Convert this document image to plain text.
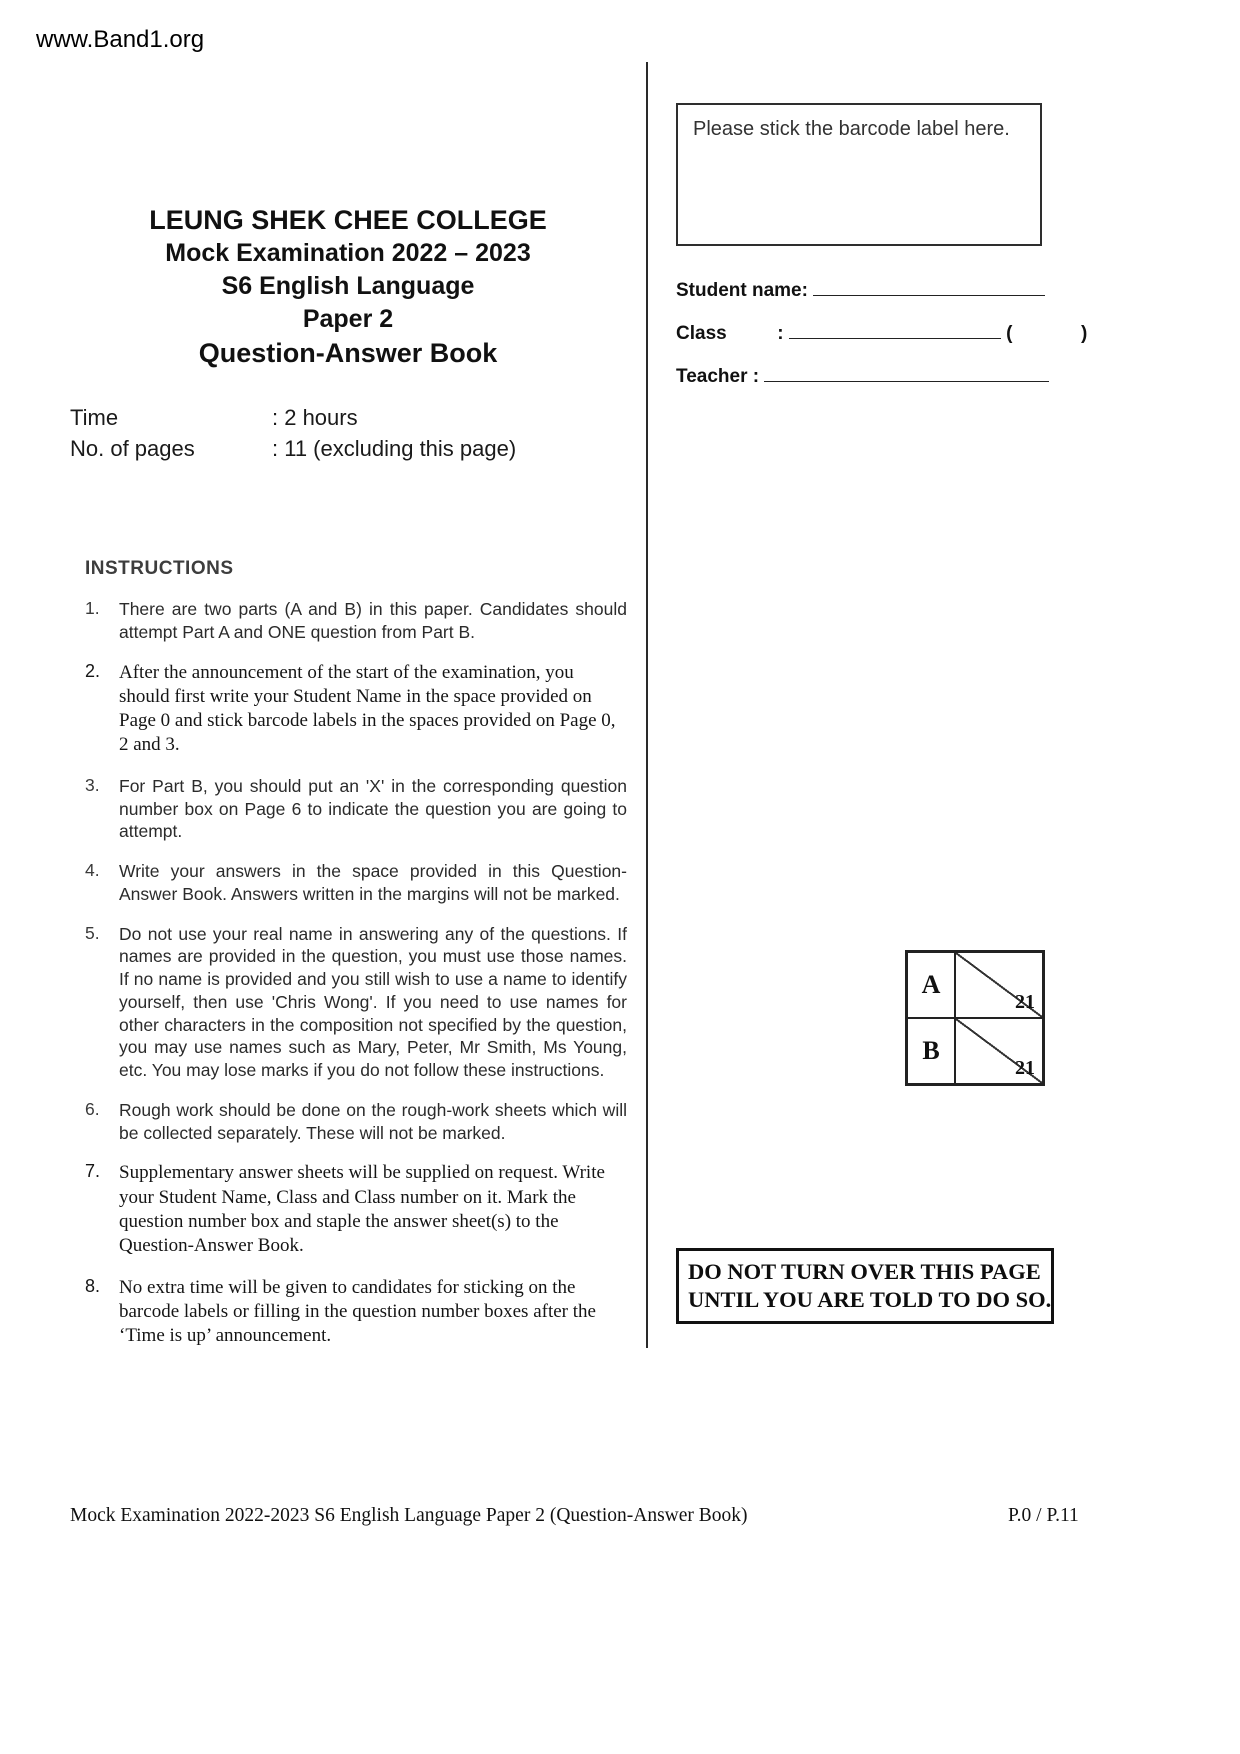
www.Band1.org
LEUNG SHEK CHEE COLLEGE
Mock Examination 2022 – 2023
S6 English Language
Paper 2
Question-Answer Book
Time	: 2 hours
No. of pages	: 11 (excluding this page)
INSTRUCTIONS
1.	There are two parts (A and B) in this paper. Candidates should attempt Part A and ONE question from Part B.
2. After the announcement of the start of the examination, you should first write your Student Name in the space provided on Page 0 and stick barcode labels in the spaces provided on Page 0, 2 and 3.
3.	For Part B, you should put an 'X' in the corresponding question number box on Page 6 to indicate the question you are going to attempt.
4.	Write your answers in the space provided in this Question-Answer Book. Answers written in the margins will not be marked.
5.	Do not use your real name in answering any of the questions. If names are provided in the question, you must use those names. If no name is provided and you still wish to use a name to identify yourself, then use 'Chris Wong'. If you need to use names for other characters in the composition not specified by the question, you may use names such as Mary, Peter, Mr Smith, Ms Young, etc. You may lose marks if you do not follow these instructions.
6.	Rough work should be done on the rough-work sheets which will be collected separately. These will not be marked.
7. Supplementary answer sheets will be supplied on request. Write your Student Name, Class and Class number on it. Mark the question number box and staple the answer sheet(s) to the Question-Answer Book.
8. No extra time will be given to candidates for sticking on the barcode labels or filling in the question number boxes after the ‘Time is up’ announcement.
Please stick the barcode label here.
Student name:
Class	:	(	)
Teacher :
A
21
B
21
DO NOT TURN OVER THIS PAGE
UNTIL YOU ARE TOLD TO DO SO.
Mock Examination 2022-2023 S6 English Language Paper 2 (Question-Answer Book)	P.0 / P.11
